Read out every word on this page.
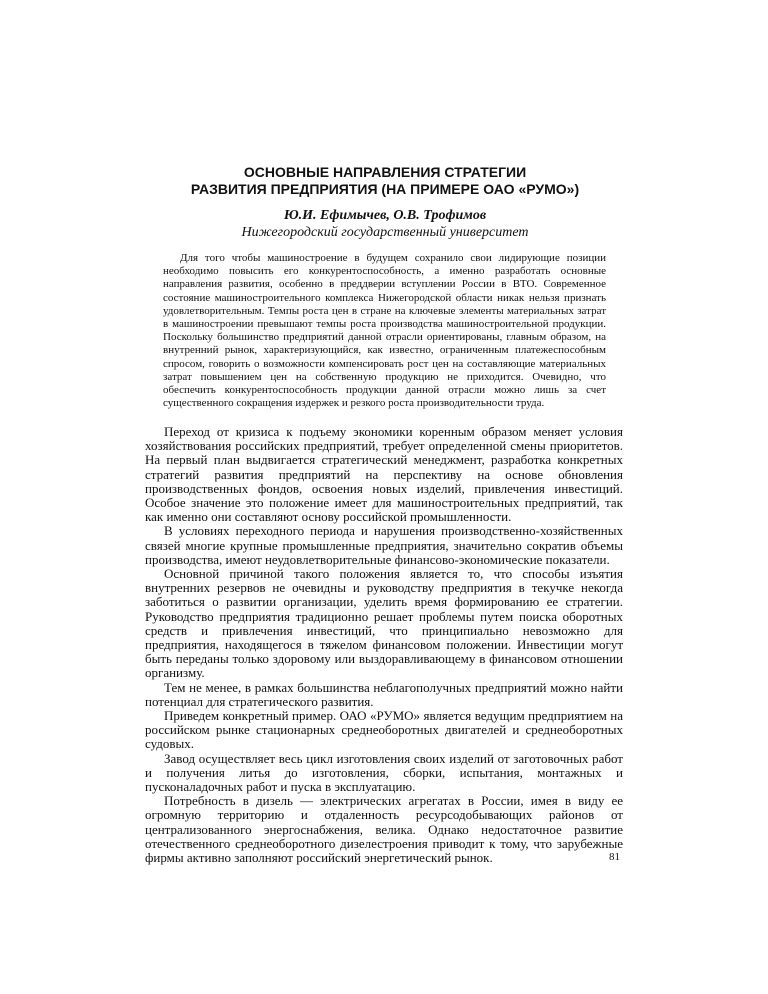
ОСНОВНЫЕ НАПРАВЛЕНИЯ СТРАТЕГИИ
РАЗВИТИЯ ПРЕДПРИЯТИЯ (НА ПРИМЕРЕ ОАО «РУМО»)
Ю.И. Ефимычев, О.В. Трофимов
Нижегородский государственный университет
Для того чтобы машиностроение в будущем сохранило свои лидирующие позиции необходимо повысить его конкурентоспособность, а именно разработать основные направления развития, особенно в преддверии вступлении России в ВТО. Современное состояние машиностроительного комплекса Нижегородской области никак нельзя признать удовлетворительным. Темпы роста цен в стране на ключевые элементы материальных затрат в машиностроении превышают темпы роста производства машиностроительной продукции. Поскольку большинство предприятий данной отрасли ориентированы, главным образом, на внутренний рынок, характеризующийся, как известно, ограниченным платежеспособным спросом, говорить о возможности компенсировать рост цен на составляющие материальных затрат повышением цен на собственную продукцию не приходится. Очевидно, что обеспечить конкурентоспособность продукции данной отрасли можно лишь за счет существенного сокращения издержек и резкого роста производительности труда.

Переход от кризиса к подъему экономики коренным образом меняет условия хозяйствования российских предприятий, требует определенной смены приоритетов. На первый план выдвигается стратегический менеджмент, разработка конкретных стратегий развития предприятий на перспективу на основе обновления производственных фондов, освоения новых изделий, привлечения инвестиций. Особое значение это положение имеет для машиностроительных предприятий, так как именно они составляют основу российской промышленности.

В условиях переходного периода и нарушения производственно-хозяйственных связей многие крупные промышленные предприятия, значительно сократив объемы производства, имеют неудовлетворительные финансово-экономические показатели.

Основной причиной такого положения является то, что способы изъятия внутренних резервов не очевидны и руководству предприятия в текучке некогда заботиться о развитии организации, уделить время формированию ее стратегии. Руководство предприятия традиционно решает проблемы путем поиска оборотных средств и привлечения инвестиций, что принципиально невозможно для предприятия, находящегося в тяжелом финансовом положении. Инвестиции могут быть переданы только здоровому или выздоравливающему в финансовом отношении организму.

Тем не менее, в рамках большинства неблагополучных предприятий можно найти потенциал для стратегического развития.

Приведем конкретный пример. ОАО «РУМО» является ведущим предприятием на российском рынке стационарных среднеоборотных двигателей и среднеоборотных судовых.

Завод осуществляет весь цикл изготовления своих изделий от заготовочных работ и получения литья до изготовления, сборки, испытания, монтажных и пусконаладочных работ и пуска в эксплуатацию.

Потребность в дизель — электрических агрегатах в России, имея в виду ее огромную территорию и отдаленность ресурсодобывающих районов от централизованного энергоснабжения, велика. Однако недостаточное развитие отечественного среднеоборотного дизелестроения приводит к тому, что зарубежные фирмы активно заполняют российский энергетический рынок.	81
